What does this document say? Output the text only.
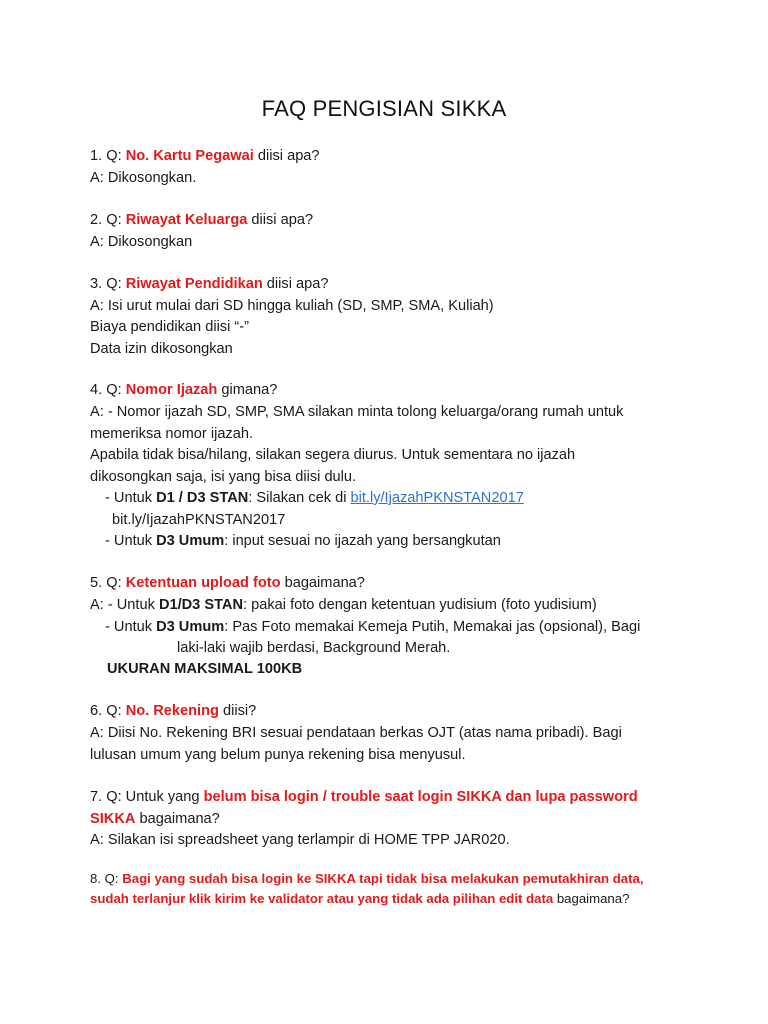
FAQ PENGISIAN SIKKA

1. Q: No. Kartu Pegawai diisi apa?

A: Dikosongkan.

2. Q: Riwayat Keluarga diisi apa?

A: Dikosongkan

3. Q: Riwayat Pendidikan diisi apa?

A: Isi urut mulai dari SD hingga kuliah (SD, SMP, SMA, Kuliah)

Biaya pendidikan diisi “-”

Data izin dikosongkan

4. Q: Nomor Ijazah gimana?

A: - Nomor ijazah SD, SMP, SMA silakan minta tolong keluarga/orang rumah untuk

memeriksa nomor ijazah.

Apabila tidak bisa/hilang, silakan segera diurus. Untuk sementara no ijazah

dikosongkan saja, isi yang bisa diisi dulu.

- Untuk D1 / D3 STAN: Silakan cek di bit.ly/IjazahPKNSTAN2017

bit.ly/IjazahPKNSTAN2017

- Untuk D3 Umum: input sesuai no ijazah yang bersangkutan

5. Q: Ketentuan upload foto bagaimana?

A: - Untuk D1/D3 STAN: pakai foto dengan ketentuan yudisium (foto yudisium)

- Untuk D3 Umum: Pas Foto memakai Kemeja Putih, Memakai jas (opsional), Bagi

laki-laki wajib berdasi, Background Merah.

UKURAN MAKSIMAL 100KB

6. Q: No. Rekening diisi?

A: Diisi No. Rekening BRI sesuai pendataan berkas OJT (atas nama pribadi). Bagi

lulusan umum yang belum punya rekening bisa menyusul.

7. Q: Untuk yang belum bisa login / trouble saat login SIKKA dan lupa password

SIKKA bagaimana?

A: Silakan isi spreadsheet yang terlampir di HOME TPP JAR020.

8. Q: Bagi yang sudah bisa login ke SIKKA tapi tidak bisa melakukan pemutakhiran data,

sudah terlanjur klik kirim ke validator atau yang tidak ada pilihan edit data bagaimana?
